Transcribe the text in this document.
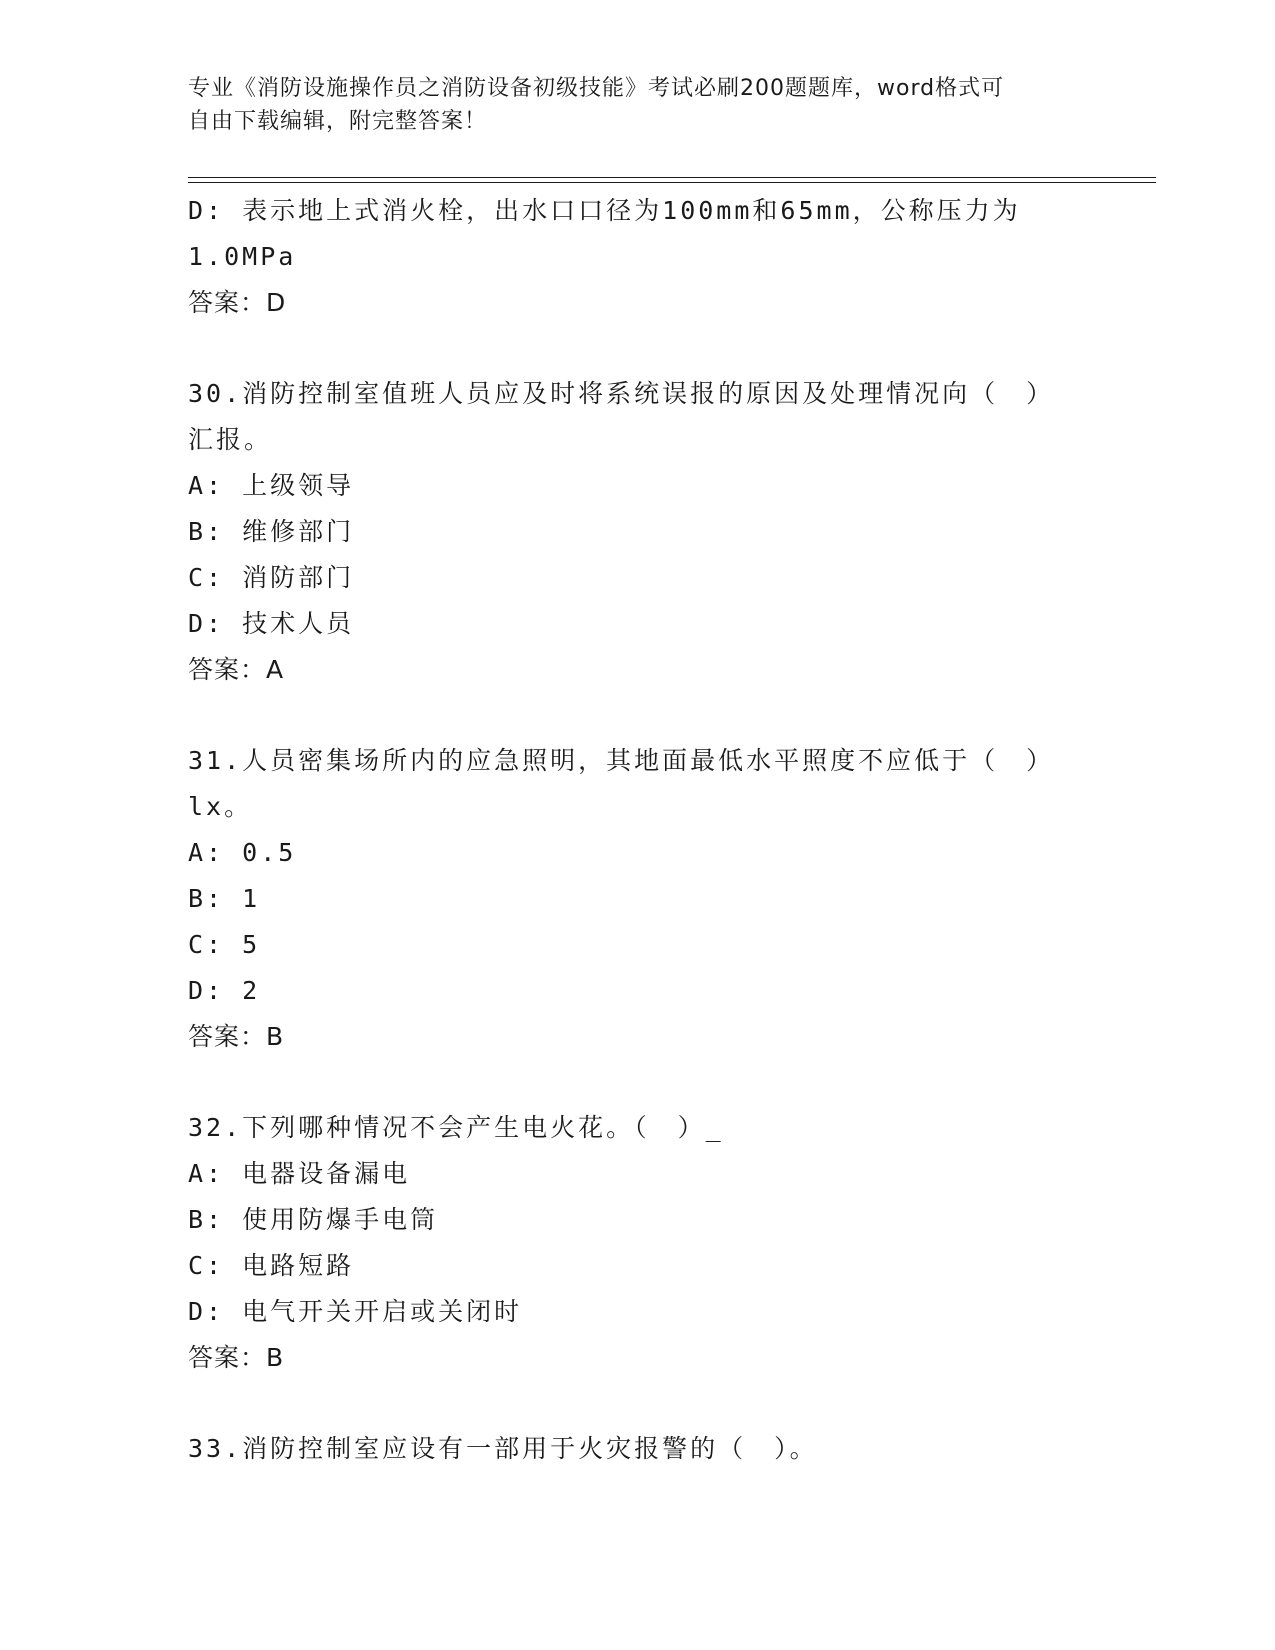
专业《消防设施操作员之消防设备初级技能》考试必刷200题题库，word格式可
自由下载编辑，附完整答案！
D: 表示地上式消火栓，出水口口径为100mm和65mm，公称压力为
1.0MPa
答案：D
30.消防控制室值班人员应及时将系统误报的原因及处理情况向（　）
汇报。
A: 上级领导
B: 维修部门
C: 消防部门
D: 技术人员
答案：A
31.人员密集场所内的应急照明，其地面最低水平照度不应低于（　）
lx。
A: 0.5
B: 1
C: 5
D: 2
答案：B
32.下列哪种情况不会产生电火花。（　）_
A: 电器设备漏电
B: 使用防爆手电筒
C: 电路短路
D: 电气开关开启或关闭时
答案：B
33.消防控制室应设有一部用于火灾报警的（　）。
